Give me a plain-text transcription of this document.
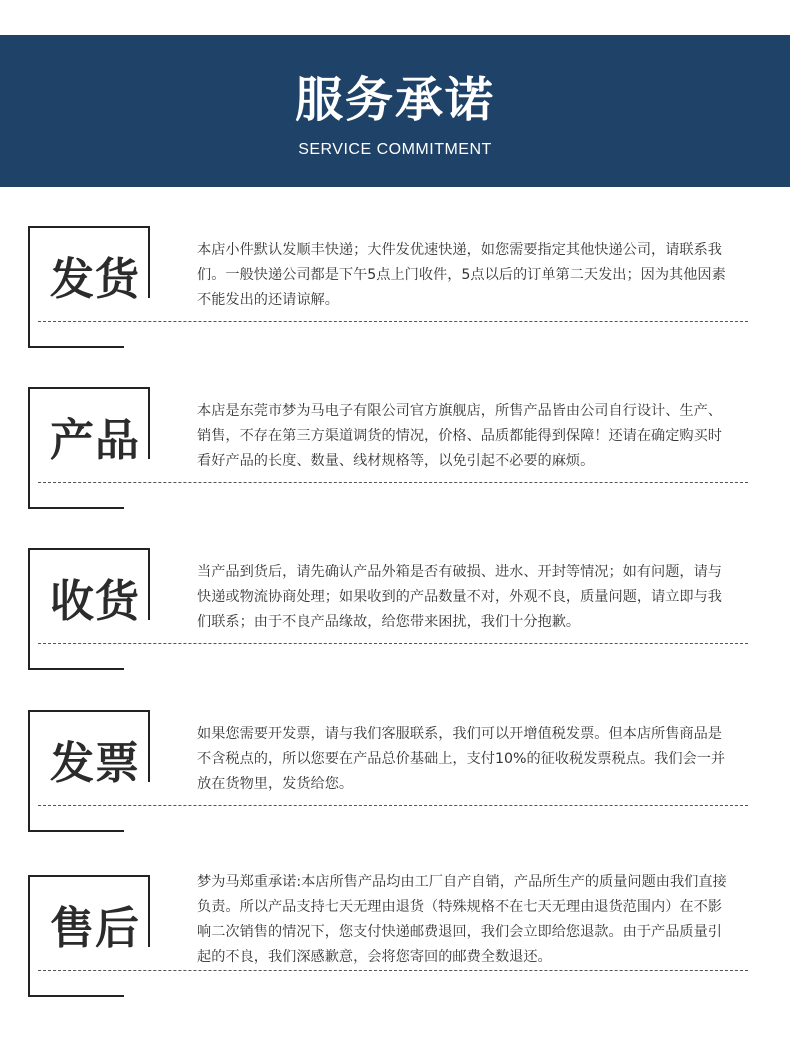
服务承诺
SERVICE COMMITMENT
发货
本店小件默认发顺丰快递；大件发优速快递，如您需要指定其他快递公司，请联系我们。一般快递公司都是下午5点上门收件，5点以后的订单第二天发出；因为其他因素不能发出的还请谅解。
产品
本店是东莞市梦为马电子有限公司官方旗舰店，所售产品皆由公司自行设计、生产、销售，不存在第三方渠道调货的情况，价格、品质都能得到保障！还请在确定购买时看好产品的长度、数量、线材规格等，以免引起不必要的麻烦。
收货
当产品到货后，请先确认产品外箱是否有破损、进水、开封等情况；如有问题，请与快递或物流协商处理；如果收到的产品数量不对，外观不良，质量问题，请立即与我们联系；由于不良产品缘故，给您带来困扰，我们十分抱歉。
发票
如果您需要开发票，请与我们客服联系，我们可以开增值税发票。但本店所售商品是不含税点的，所以您要在产品总价基础上，支付10%的征收税发票税点。我们会一并放在货物里，发货给您。
售后
梦为马郑重承诺:本店所售产品均由工厂自产自销，产品所生产的质量问题由我们直接负责。所以产品支持七天无理由退货（特殊规格不在七天无理由退货范围内）在不影响二次销售的情况下，您支付快递邮费退回，我们会立即给您退款。由于产品质量引起的不良，我们深感歉意，会将您寄回的邮费全数退还。
